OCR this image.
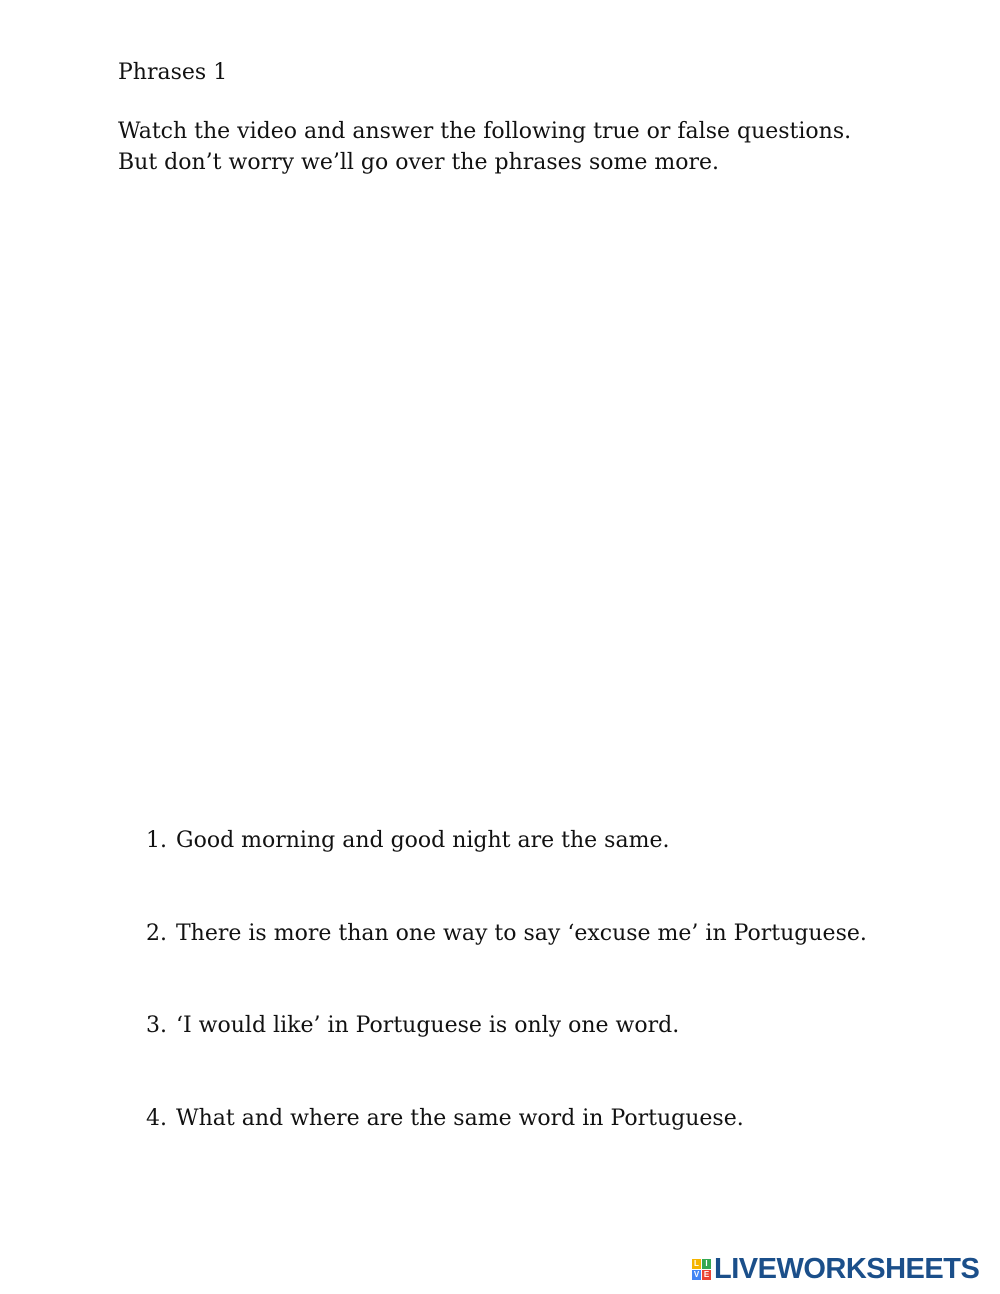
Phrases 1

Watch the video and answer the following true or false questions.
But don’t worry we’ll go over the phrases some more.

1. Good morning and good night are the same.
2. There is more than one way to say ‘excuse me’ in Portuguese.
3. ‘I would like’ in Portuguese is only one word.
4. What and where are the same word in Portuguese.
L I
V E LIVEWORKSHEETS
